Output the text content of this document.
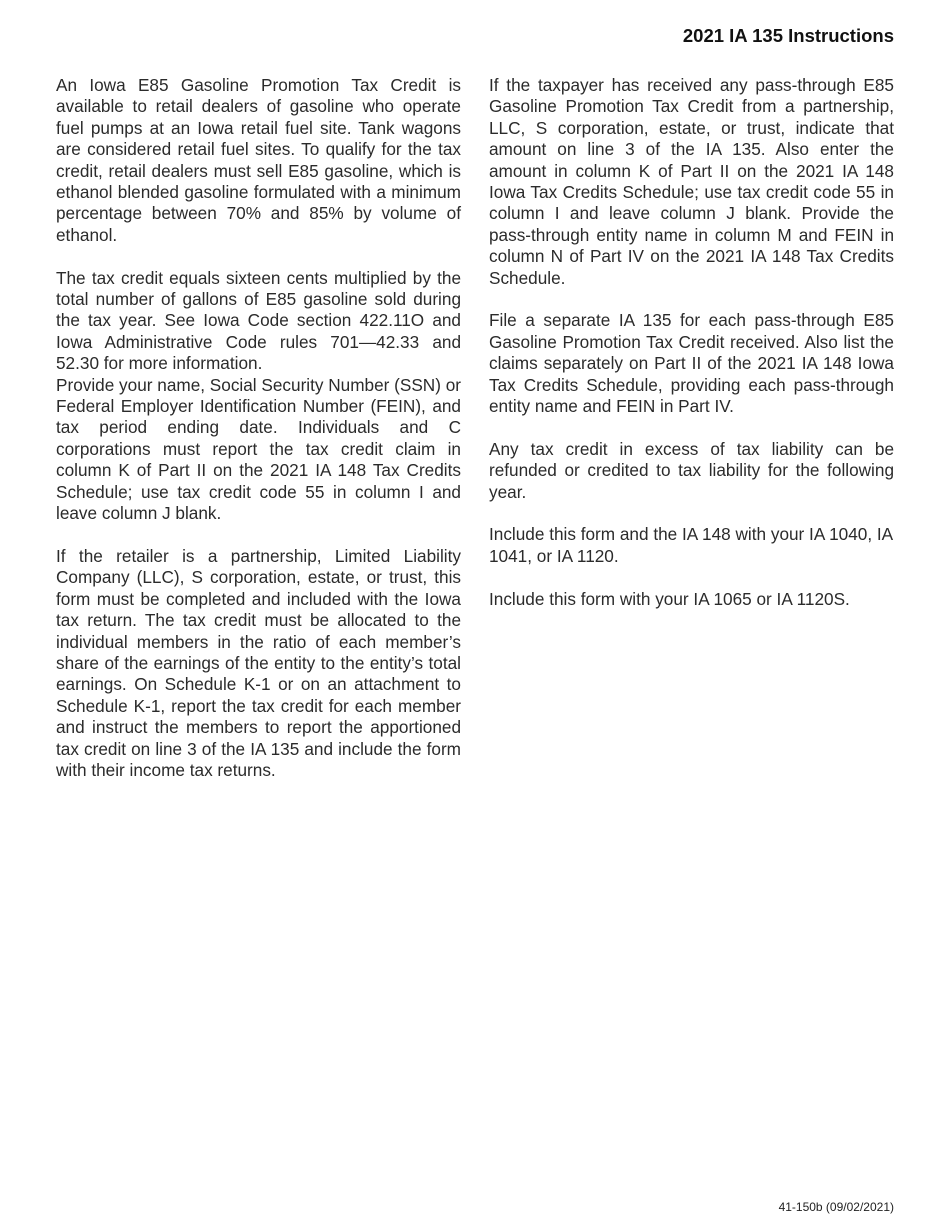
2021 IA 135 Instructions

An Iowa E85 Gasoline Promotion Tax Credit is available to retail dealers of gasoline who operate fuel pumps at an Iowa retail fuel site. Tank wagons are considered retail fuel sites. To qualify for the tax credit, retail dealers must sell E85 gasoline, which is ethanol blended gasoline formulated with a minimum percentage between 70% and 85% by volume of ethanol.

The tax credit equals sixteen cents multiplied by the total number of gallons of E85 gasoline sold during the tax year. See Iowa Code section 422.11O and Iowa Administrative Code rules 701—42.33 and 52.30 for more information.

Provide your name, Social Security Number (SSN) or Federal Employer Identification Number (FEIN), and tax period ending date. Individuals and C corporations must report the tax credit claim in column K of Part II on the 2021 IA 148 Tax Credits Schedule; use tax credit code 55 in column I and leave column J blank.

If the retailer is a partnership, Limited Liability Company (LLC), S corporation, estate, or trust, this form must be completed and included with the Iowa tax return. The tax credit must be allocated to the individual members in the ratio of each member’s share of the earnings of the entity to the entity’s total earnings. On Schedule K-1 or on an attachment to Schedule K-1, report the tax credit for each member and instruct the members to report the apportioned tax credit on line 3 of the IA 135 and include the form with their income tax returns.

If the taxpayer has received any pass-through E85 Gasoline Promotion Tax Credit from a partnership, LLC, S corporation, estate, or trust, indicate that amount on line 3 of the IA 135. Also enter the amount in column K of Part II on the 2021 IA 148 Iowa Tax Credits Schedule; use tax credit code 55 in column I and leave column J blank. Provide the pass-through entity name in column M and FEIN in column N of Part IV on the 2021 IA 148 Tax Credits Schedule.

File a separate IA 135 for each pass-through E85 Gasoline Promotion Tax Credit received. Also list the claims separately on Part II of the 2021 IA 148 Iowa Tax Credits Schedule, providing each pass-through entity name and FEIN in Part IV.

Any tax credit in excess of tax liability can be refunded or credited to tax liability for the following year.

Include this form and the IA 148 with your IA 1040, IA 1041, or IA 1120.

Include this form with your IA 1065 or IA 1120S.

41-150b (09/02/2021)
